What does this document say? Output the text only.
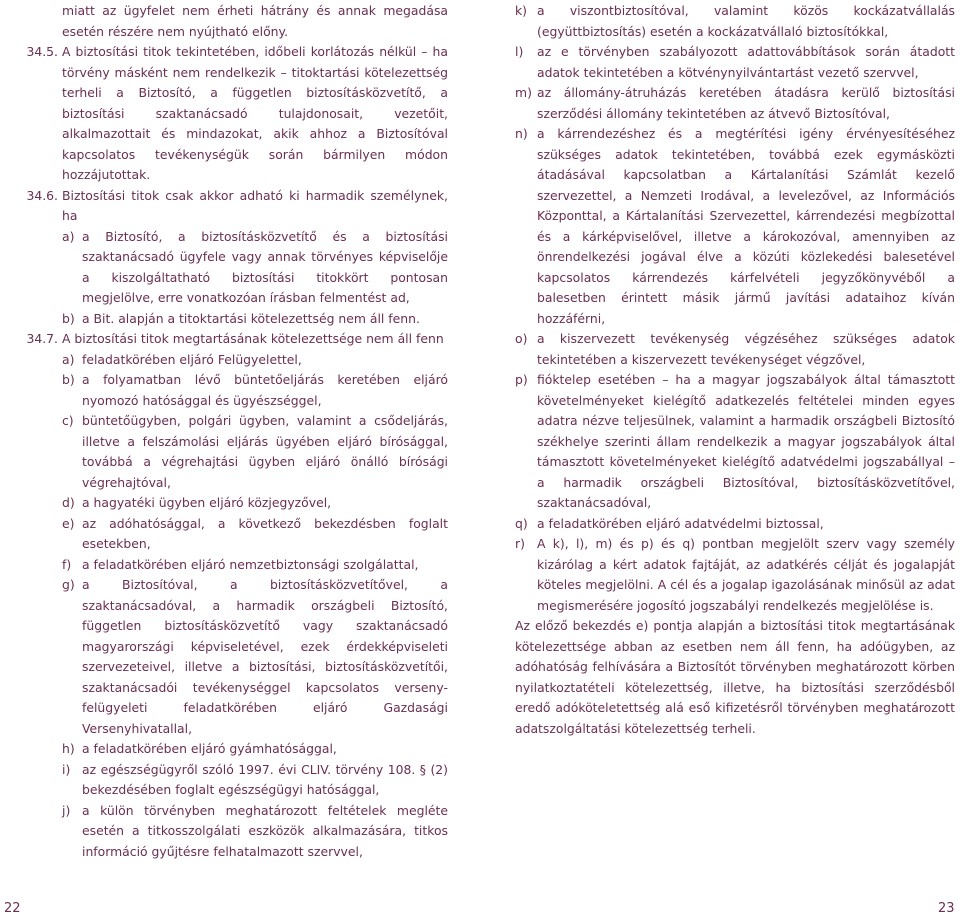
miatt az ügyfelet nem érheti hátrány és annak megadása esetén részére nem nyújtható előny.

34.5. A biztosítási titok tekintetében, időbeli korlátozás nélkül – ha törvény másként nem rendelkezik – titoktartási kötelezettség terheli a Biztosító, a független biztosításközvetítő, a biztosítási szaktanácsadó tulajdonosait, vezetőit, alkalmazottait és mindazokat, akik ahhoz a Biztosítóval kapcsolatos tevékenységük során bármilyen módon hozzájutottak.

34.6. Biztosítási titok csak akkor adható ki harmadik személynek, ha

a) a Biztosító, a biztosításközvetítő és a biztosítási szaktanácsadó ügyfele vagy annak törvényes képviselője a kiszolgáltatható biztosítási titokkört pontosan megjelölve, erre vonatkozóan írásban felmentést ad,

b) a Bit. alapján a titoktartási kötelezettség nem áll fenn.

34.7. A biztosítási titok megtartásának kötelezettsége nem áll fenn

a) feladatkörében eljáró Felügyelettel,

b) a folyamatban lévő büntetőeljárás keretében eljáró nyomozó hatósággal és ügyészséggel,

c) büntetőügyben, polgári ügyben, valamint a csődeljárás, illetve a felszámolási eljárás ügyében eljáró bírósággal, továbbá a végrehajtási ügyben eljáró önálló bírósági végrehajtóval,

d) a hagyatéki ügyben eljáró közjegyzővel,

e) az adóhatósággal, a következő bekezdésben foglalt esetekben,

f) a feladatkörében eljáró nemzetbiztonsági szolgálattal,

g) a Biztosítóval, a biztosításközvetítővel, a szaktanácsadóval, a harmadik országbeli Biztosító, független biztosításközvetítő vagy szaktanácsadó magyarországi képviseletével, ezek érdekképviseleti szervezeteivel, illetve a biztosítási, biztosításközvetítői, szaktanácsadói tevékenységgel kapcsolatos verseny-felügyeleti feladatkörében eljáró Gazdasági Versenyhivatallal,

h) a feladatkörében eljáró gyámhatósággal,

i) az egészségügyről szóló 1997. évi CLIV. törvény 108. § (2) bekezdésében foglalt egészségügyi hatósággal,

j) a külön törvényben meghatározott feltételek megléte esetén a titkosszolgálati eszközök alkalmazására, titkos információ gyűjtésre felhatalmazott szervvel,

k) a viszontbiztosítóval, valamint közös kockázatvállalás (együttbiztosítás) esetén a kockázatvállaló biztosítókkal,

l) az e törvényben szabályozott adattovábbítások során átadott adatok tekintetében a kötvénynyilvántartást vezető szervvel,

m) az állomány-átruházás keretében átadásra kerülő biztosítási szerződési állomány tekintetében az átvevő Biztosítóval,

n) a kárrendezéshez és a megtérítési igény érvényesítéséhez szükséges adatok tekintetében, továbbá ezek egymásközti átadásával kapcsolatban a Kártalanítási Számlát kezelő szervezettel, a Nemzeti Irodával, a levelezővel, az Információs Központtal, a Kártalanítási Szervezettel, kárrendezési megbízottal és a kárképviselővel, illetve a károkozóval, amennyiben az önrendelkezési jogával élve a közúti közlekedési balesetével kapcsolatos kárrendezés kárfelvételi jegyzőkönyvéből a balesetben érintett másik jármű javítási adataihoz kíván hozzáférni,

o) a kiszervezett tevékenység végzéséhez szükséges adatok tekintetében a kiszervezett tevékenységet végzővel,

p) fióktelep esetében – ha a magyar jogszabályok által támasztott követelményeket kielégítő adatkezelés feltételei minden egyes adatra nézve teljesülnek, valamint a harmadik országbeli Biztosító székhelye szerinti állam rendelkezik a magyar jogszabályok által támasztott követelményeket kielégítő adatvédelmi jogszabállyal – a harmadik országbeli Biztosítóval, biztosításközvetítővel, szaktanácsadóval,

q) a feladatkörében eljáró adatvédelmi biztossal,

r) A k), l), m) és p) és q) pontban megjelölt szerv vagy személy kizárólag a kért adatok fajtáját, az adatkérés célját és jogalapját köteles megjelölni. A cél és a jogalap igazolásának minősül az adat megismerésére jogosító jogszabályi rendelkezés megjelölése is.

Az előző bekezdés e) pontja alapján a biztosítási titok megtartásának kötelezettsége abban az esetben nem áll fenn, ha adóügyben, az adóhatóság felhívására a Biztosítót törvényben meghatározott körben nyilatkoztatételi kötelezettség, illetve, ha biztosítási szerződésből eredő adóköteletettség alá eső kifizetésről törvényben meghatározott adatszolgáltatási kötelezettség terheli.

22	23
